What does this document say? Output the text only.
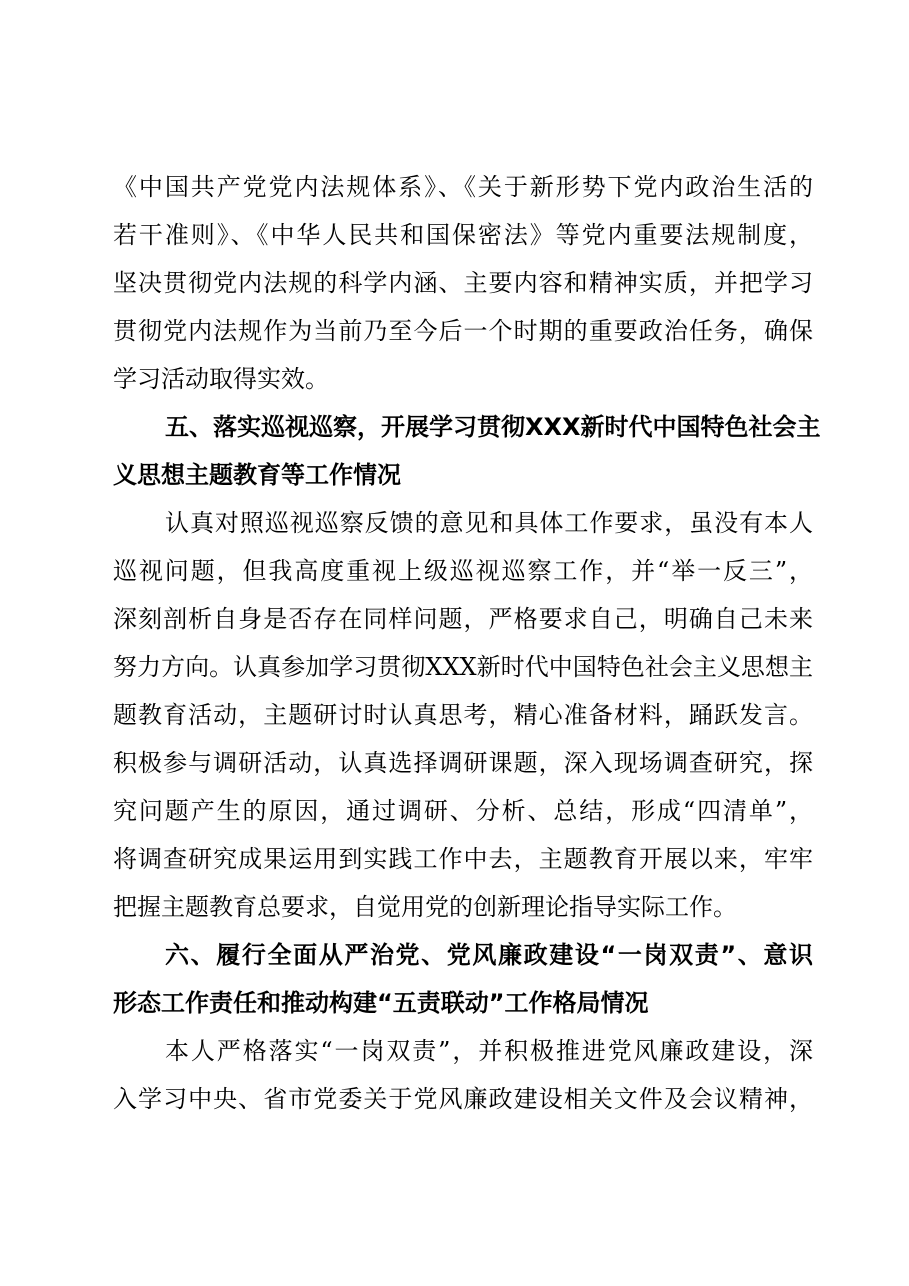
《中国共产党党内法规体系》、《关于新形势下党内政治生活的
若干准则》、《中华人民共和国保密法》等党内重要法规制度，
坚决贯彻党内法规的科学内涵、主要内容和精神实质，并把学习
贯彻党内法规作为当前乃至今后一个时期的重要政治任务，确保
学习活动取得实效。
五、落实巡视巡察，开展学习贯彻XXX新时代中国特色社会主
义思想主题教育等工作情况
认真对照巡视巡察反馈的意见和具体工作要求，虽没有本人
巡视问题，但我高度重视上级巡视巡察工作，并“举一反三”，
深刻剖析自身是否存在同样问题，严格要求自己，明确自己未来
努力方向。认真参加学习贯彻XXX新时代中国特色社会主义思想主
题教育活动，主题研讨时认真思考，精心准备材料，踊跃发言。
积极参与调研活动，认真选择调研课题，深入现场调查研究，探
究问题产生的原因，通过调研、分析、总结，形成“四清单”，
将调查研究成果运用到实践工作中去，主题教育开展以来，牢牢
把握主题教育总要求，自觉用党的创新理论指导实际工作。
六、履行全面从严治党、党风廉政建设“一岗双责”、意识
形态工作责任和推动构建“五责联动”工作格局情况
本人严格落实“一岗双责”，并积极推进党风廉政建设，深
入学习中央、省市党委关于党风廉政建设相关文件及会议精神，
